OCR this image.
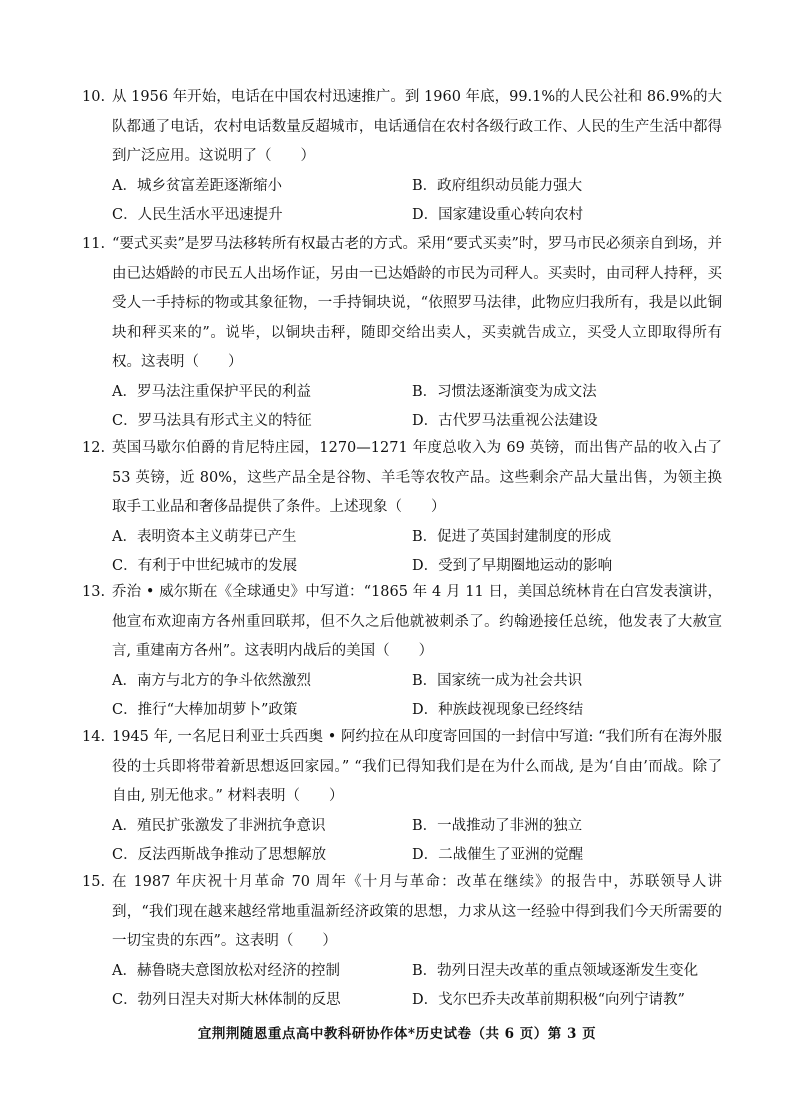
10. 从 1956 年开始，电话在中国农村迅速推广。到 1960 年底，99.1%的人民公社和 86.9%的大队都通了电话，农村电话数量反超城市，电话通信在农村各级行政工作、人民的生产生活中都得到广泛应用。这说明了（　　）
A．城乡贫富差距逐渐缩小	B．政府组织动员能力强大
C．人民生活水平迅速提升	D．国家建设重心转向农村
11. “要式买卖”是罗马法移转所有权最古老的方式。采用“要式买卖”时，罗马市民必须亲自到场，并由已达婚龄的市民五人出场作证，另由一已达婚龄的市民为司秤人。买卖时，由司秤人持秤，买受人一手持标的物或其象征物，一手持铜块说，“依照罗马法律，此物应归我所有，我是以此铜块和秤买来的”。说毕，以铜块击秤，随即交给出卖人，买卖就告成立，买受人立即取得所有权。这表明（　　）
A．罗马法注重保护平民的利益	B．习惯法逐渐演变为成文法
C．罗马法具有形式主义的特征	D．古代罗马法重视公法建设
12. 英国马歇尔伯爵的肯尼特庄园，1270—1271 年度总收入为 69 英镑，而出售产品的收入占了 53 英镑，近 80%，这些产品全是谷物、羊毛等农牧产品。这些剩余产品大量出售，为领主换取手工业品和奢侈品提供了条件。上述现象（　　）
A．表明资本主义萌芽已产生	B．促进了英国封建制度的形成
C．有利于中世纪城市的发展	D．受到了早期圈地运动的影响
13. 乔治 • 威尔斯在《全球通史》中写道：“1865 年 4 月 11 日，美国总统林肯在白宫发表演讲，他宣布欢迎南方各州重回联邦，但不久之后他就被刺杀了。约翰逊接任总统，他发表了大赦宣言, 重建南方各州”。这表明内战后的美国（　　）
A．南方与北方的争斗依然激烈	B．国家统一成为社会共识
C．推行“大棒加胡萝卜”政策	D．种族歧视现象已经终结
14. 1945 年, 一名尼日利亚士兵西奥 • 阿约拉在从印度寄回国的一封信中写道: “我们所有在海外服役的士兵即将带着新思想返回家园。” “我们已得知我们是在为什么而战, 是为‘自由’而战。除了自由, 别无他求。” 材料表明（　　）
A．殖民扩张激发了非洲抗争意识	B．一战推动了非洲的独立
C．反法西斯战争推动了思想解放	D．二战催生了亚洲的觉醒
15. 在 1987 年庆祝十月革命 70 周年《十月与革命：改革在继续》的报告中，苏联领导人讲到，“我们现在越来越经常地重温新经济政策的思想，力求从这一经验中得到我们今天所需要的一切宝贵的东西”。这表明（　　）
A．赫鲁晓夫意图放松对经济的控制	B．勃列日涅夫改革的重点领域逐渐发生变化
C．勃列日涅夫对斯大林体制的反思	D．戈尔巴乔夫改革前期积极“向列宁请教”
宜荆荆随恩重点高中教科研协作体*历史试卷（共 6 页）第 3 页
